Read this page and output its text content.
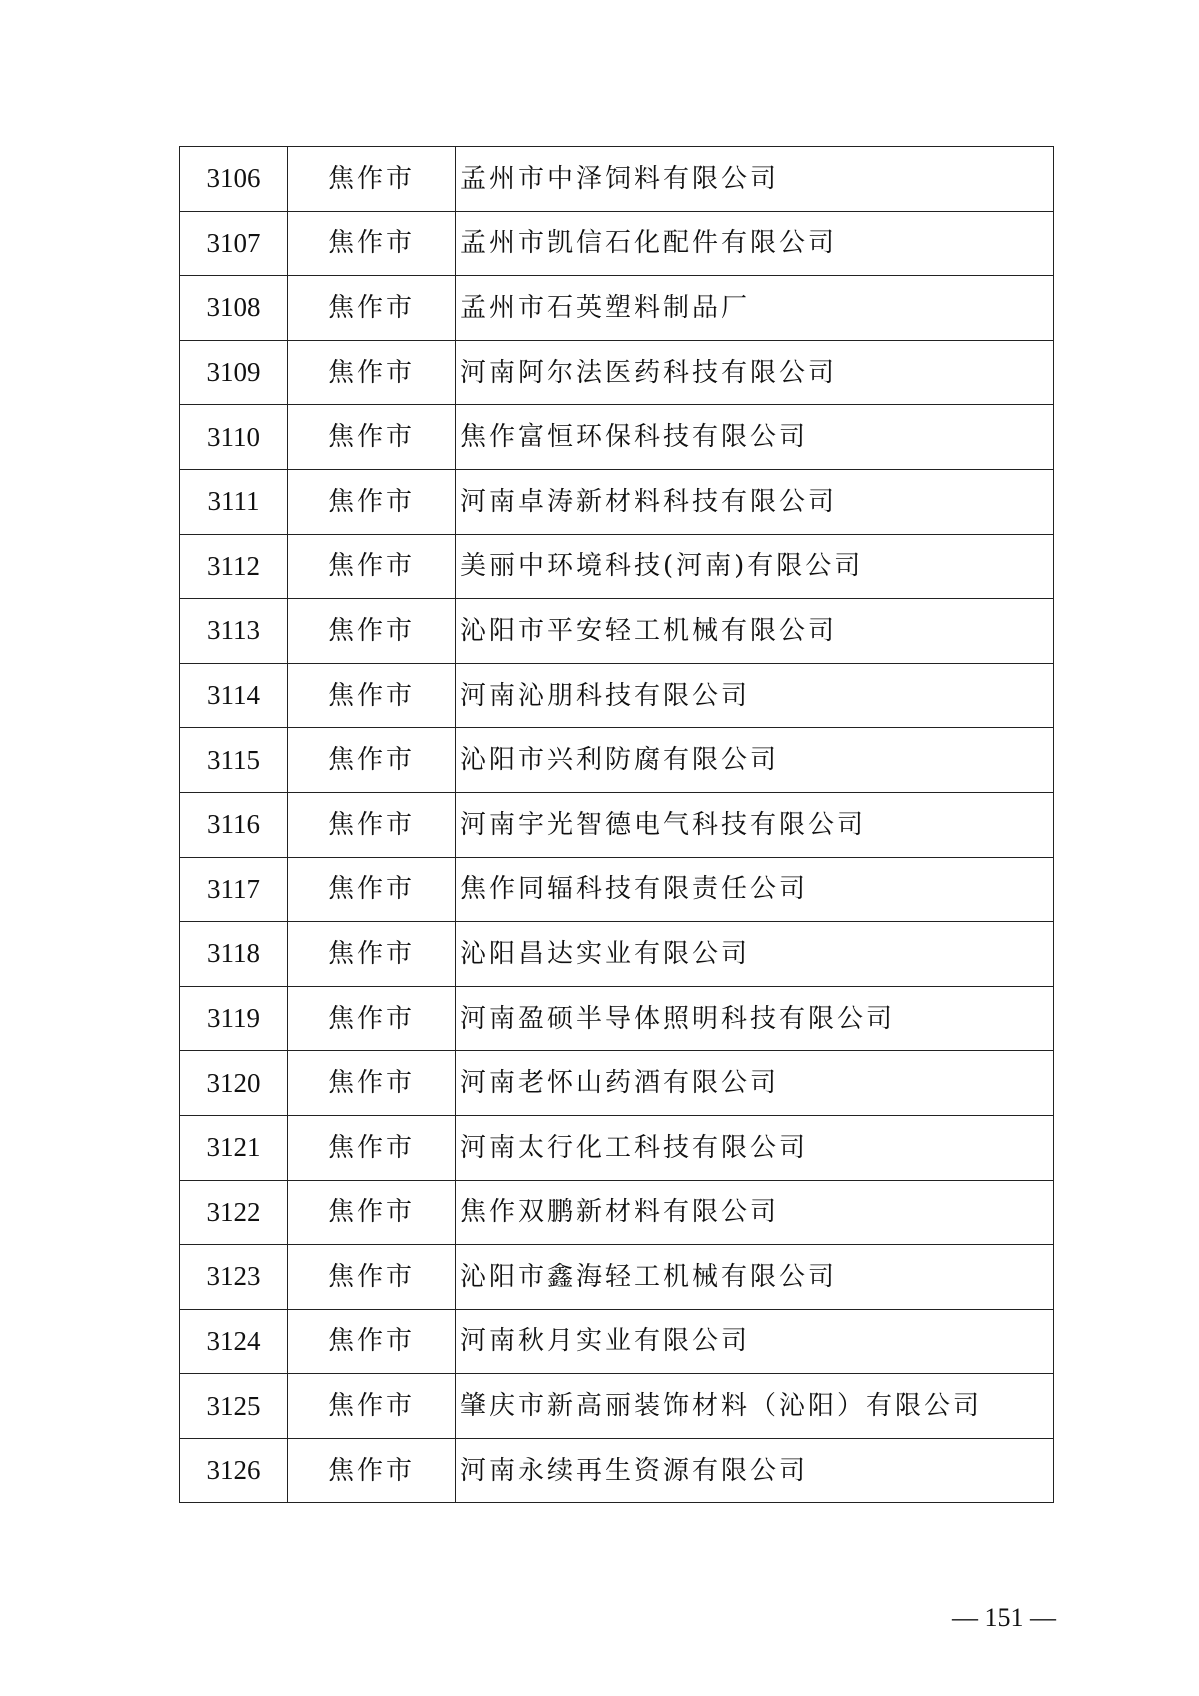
3106	焦作市	孟州市中泽饲料有限公司
3107	焦作市	孟州市凯信石化配件有限公司
3108	焦作市	孟州市石英塑料制品厂
3109	焦作市	河南阿尔法医药科技有限公司
3110	焦作市	焦作富恒环保科技有限公司
3111	焦作市	河南卓涛新材料科技有限公司
3112	焦作市	美丽中环境科技(河南)有限公司
3113	焦作市	沁阳市平安轻工机械有限公司
3114	焦作市	河南沁朋科技有限公司
3115	焦作市	沁阳市兴利防腐有限公司
3116	焦作市	河南宇光智德电气科技有限公司
3117	焦作市	焦作同辐科技有限责任公司
3118	焦作市	沁阳昌达实业有限公司
3119	焦作市	河南盈硕半导体照明科技有限公司
3120	焦作市	河南老怀山药酒有限公司
3121	焦作市	河南太行化工科技有限公司
3122	焦作市	焦作双鹏新材料有限公司
3123	焦作市	沁阳市鑫海轻工机械有限公司
3124	焦作市	河南秋月实业有限公司
3125	焦作市	肇庆市新高丽装饰材料（沁阳）有限公司
3126	焦作市	河南永续再生资源有限公司
— 151 —
